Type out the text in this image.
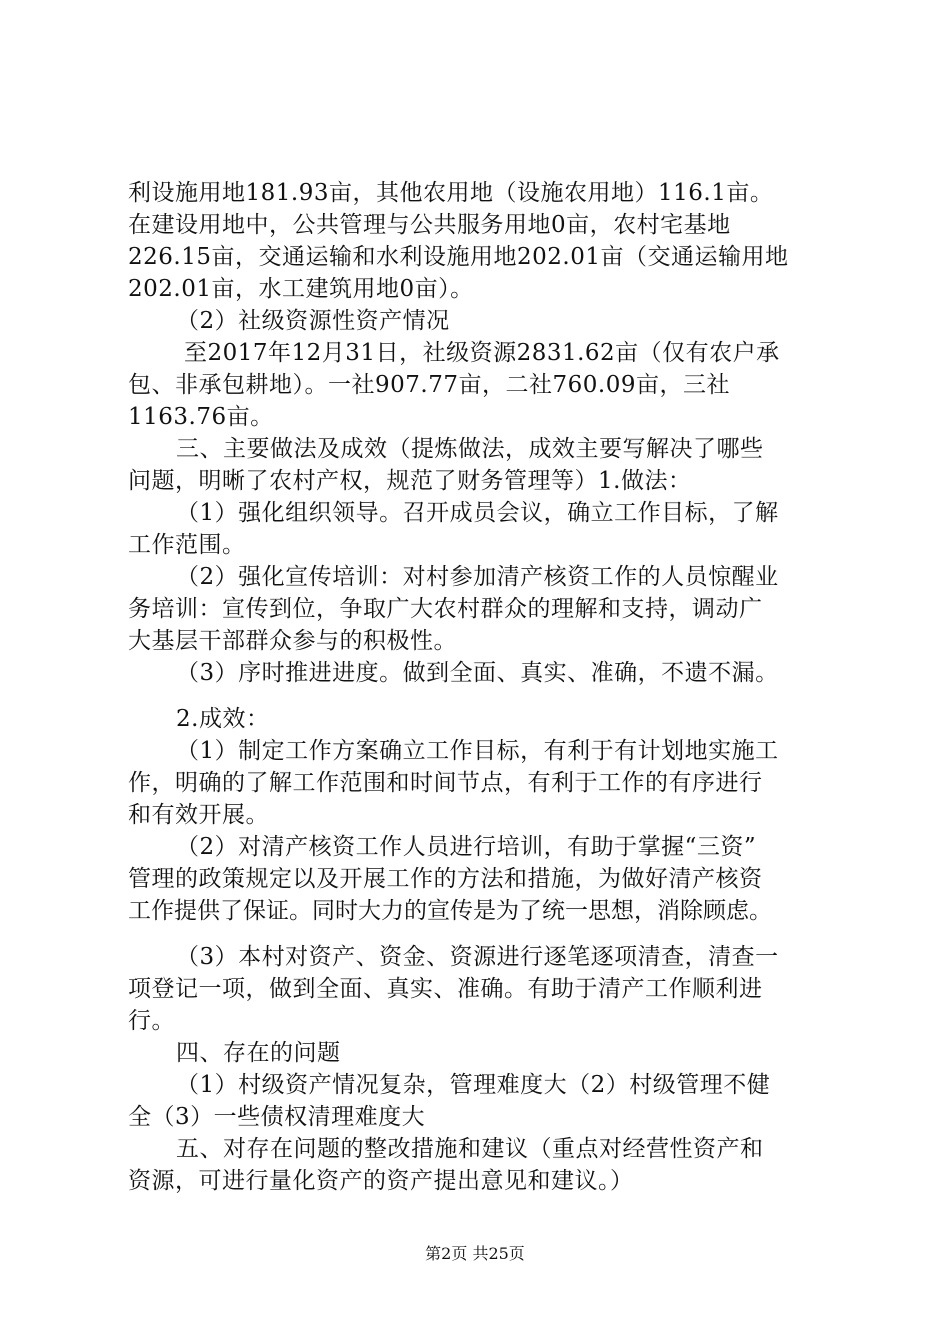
利设施用地181.93亩，其他农用地（设施农用地）116.1亩。
在建设用地中，公共管理与公共服务用地0亩，农村宅基地
226.15亩，交通运输和水利设施用地202.01亩（交通运输用地
202.01亩，水工建筑用地0亩）。
（2）社级资源性资产情况
至2017年12月31日，社级资源2831.62亩（仅有农户承
包、非承包耕地）。一社907.77亩，二社760.09亩，三社
1163.76亩。
三、主要做法及成效（提炼做法，成效主要写解决了哪些
问题，明晰了农村产权，规范了财务管理等）1.做法：
（1）强化组织领导。召开成员会议，确立工作目标，了解
工作范围。
（2）强化宣传培训：对村参加清产核资工作的人员惊醒业
务培训：宣传到位，争取广大农村群众的理解和支持，调动广
大基层干部群众参与的积极性。
（3）序时推进进度。做到全面、真实、准确，不遗不漏。
2.成效：
（1）制定工作方案确立工作目标，有利于有计划地实施工
作，明确的了解工作范围和时间节点，有利于工作的有序进行
和有效开展。
（2）对清产核资工作人员进行培训，有助于掌握“三资”
管理的政策规定以及开展工作的方法和措施，为做好清产核资
工作提供了保证。同时大力的宣传是为了统一思想，消除顾虑。
（3）本村对资产、资金、资源进行逐笔逐项清查，清查一
项登记一项，做到全面、真实、准确。有助于清产工作顺利进
行。
四、存在的问题
（1）村级资产情况复杂，管理难度大（2）村级管理不健
全（3）一些债权清理难度大
五、对存在问题的整改措施和建议（重点对经营性资产和
资源，可进行量化资产的资产提出意见和建议。）
第2页 共25页
